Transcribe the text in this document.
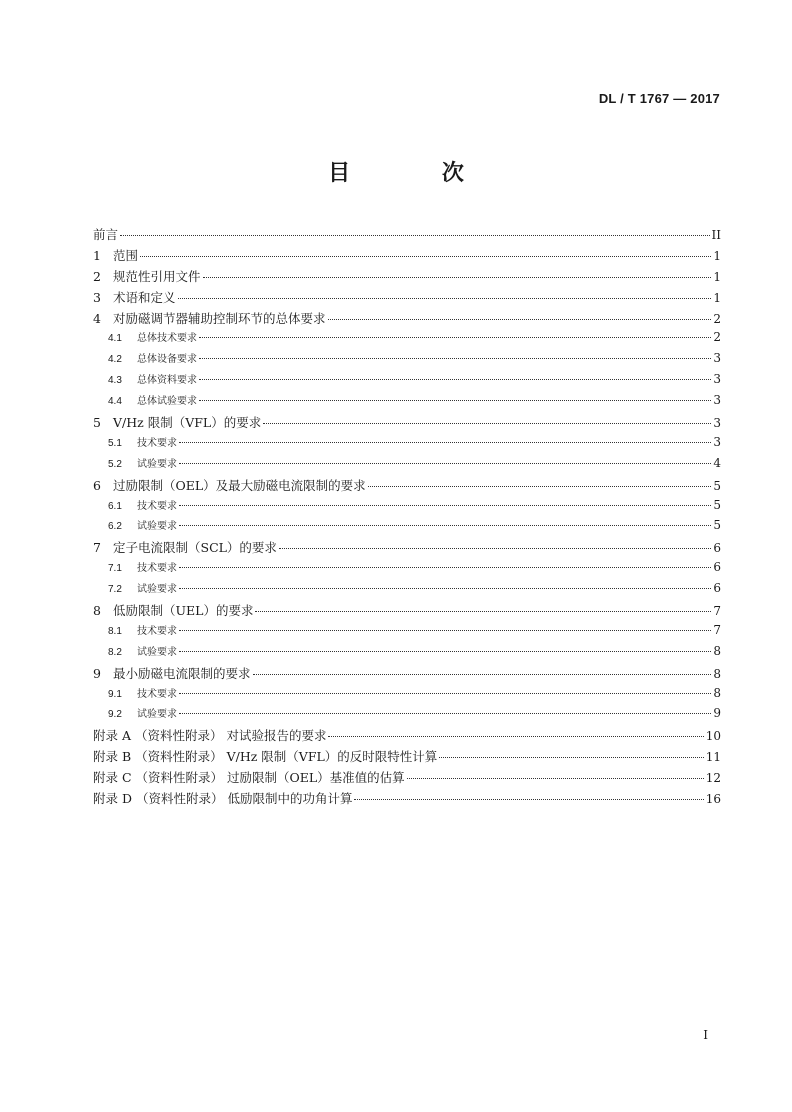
DL / T 1767 — 2017
目 次
前言	II
1 范围	1
2 规范性引用文件	1
3 术语和定义	1
4 对励磁调节器辅助控制环节的总体要求	2
4.1	总体技术要求	2
4.2	总体设备要求	3
4.3	总体资料要求	3
4.4	总体试验要求	3
5 V/Hz 限制（VFL）的要求	3
5.1	技术要求	3
5.2	试验要求	4
6 过励限制（OEL）及最大励磁电流限制的要求	5
6.1	技术要求	5
6.2	试验要求	5
7 定子电流限制（SCL）的要求	6
7.1	技术要求	6
7.2	试验要求	6
8 低励限制（UEL）的要求	7
8.1	技术要求	7
8.2	试验要求	8
9 最小励磁电流限制的要求	8
9.1	技术要求	8
9.2	试验要求	9
附录 A （资料性附录） 对试验报告的要求	10
附录 B （资料性附录） V/Hz 限制（VFL）的反时限特性计算	11
附录 C （资料性附录） 过励限制（OEL）基准值的估算	12
附录 D （资料性附录） 低励限制中的功角计算	16
I
